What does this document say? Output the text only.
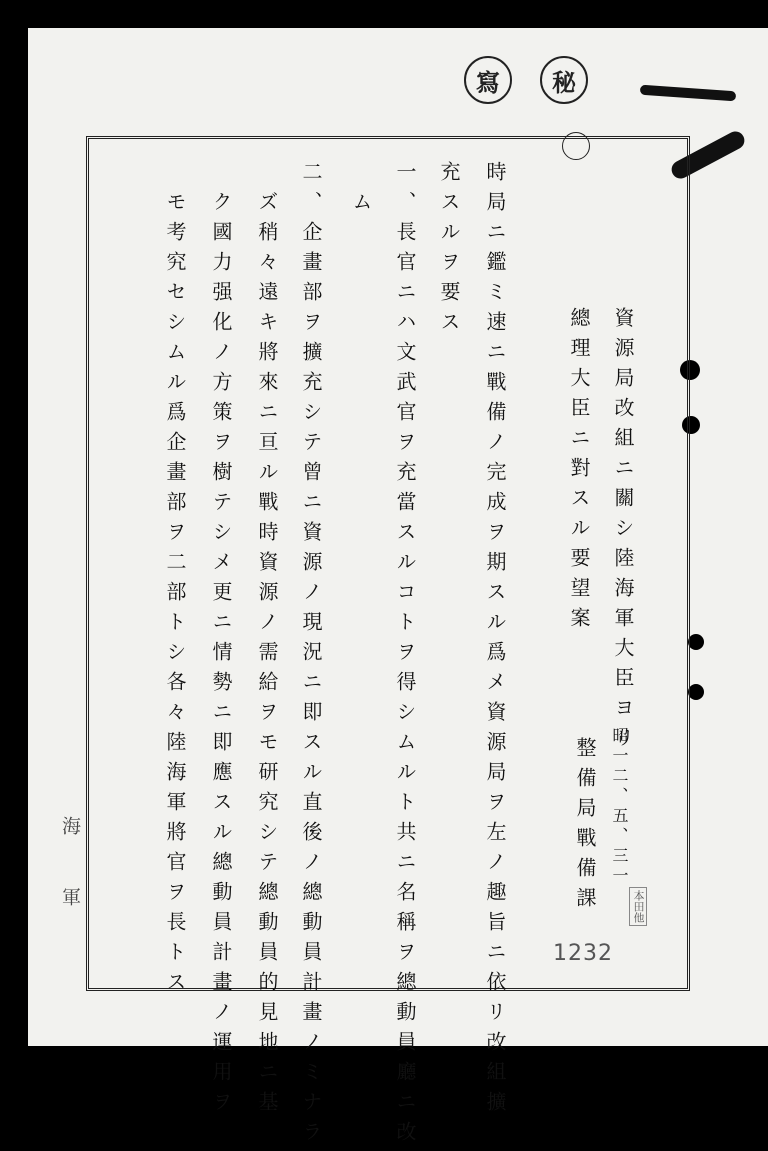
寫 秘
資源局改組ニ關シ陸海軍大臣ヨリ
總理大臣ニ對スル要望案
昭一二、五、三一
整備局戰備課
時局ニ鑑ミ速ニ戰備ノ完成ヲ期スル爲メ資源局ヲ左ノ趣旨ニ依リ改組擴
充スルヲ要ス
一、長官ニハ文武官ヲ充當スルコトヲ得シムルト共ニ名稱ヲ總動員廳ニ改
ム
二、企畫部ヲ擴充シテ曾ニ資源ノ現況ニ即スル直後ノ總動員計畫ノミナラ
ズ稍々遠キ將來ニ亘ル戰時資源ノ需給ヲモ研究シテ總動員的見地ニ基
ク國力强化ノ方策ヲ樹テシメ更ニ情勢ニ即應スル總動員計畫ノ運用ヲ
モ考究セシムル爲企畫部ヲ二部トシ各々陸海軍將官ヲ長トス	1232
本田他
海軍
